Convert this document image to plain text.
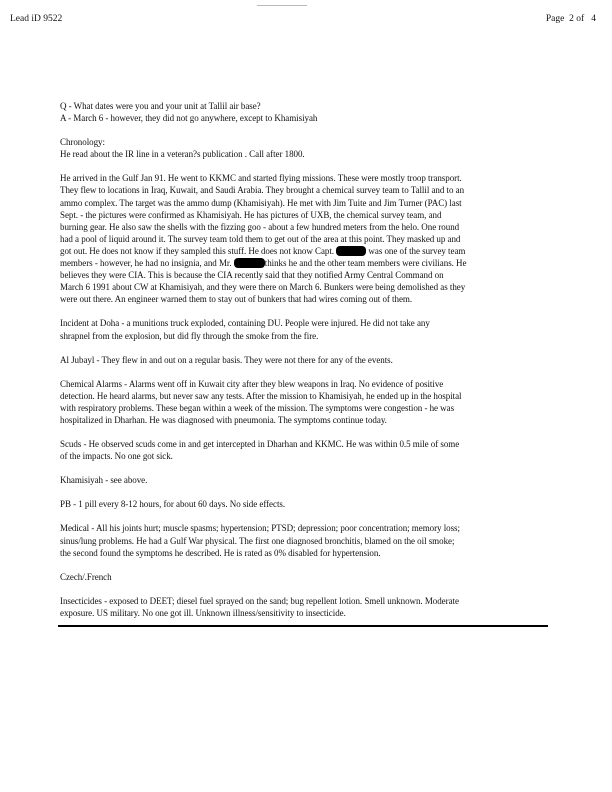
Lead iD 9522	Page  2 of   4
Q - What dates were you and your unit at Tallil air base?
A - March 6 - however, they did not go anywhere, except to Khamisiyah
Chronology:
He read about the IR line in a veteran?s publication . Call after 1800.
He arrived in the Gulf Jan 91. He went to KKMC and started flying missions. These were mostly troop transport.
They flew to locations in Iraq, Kuwait, and Saudi Arabia. They brought a chemical survey team to Tallil and to an
ammo complex. The target was the ammo dump (Khamisiyah). He met with Jim Tuite and Jim Turner (PAC) last
Sept. - the pictures were confirmed as Khamisiyah. He has pictures of UXB, the chemical survey team, and
burning gear. He also saw the shells with the fizzing goo - about a few hundred meters from the helo. One round
had a pool of liquid around it. The survey team told them to get out of the area at this point. They masked up and
got out. He does not know if they sampled this stuff. He does not know Capt.	was one of the survey team
members - however, he had no insignia, and Mr.	thinks he and the other team members were civilians. He
believes they were CIA. This is because the CIA recently said that they notified Army Central Command on
March 6 1991 about CW at Khamisiyah, and they were there on March 6. Bunkers were being demolished as they
were out there. An engineer warned them to stay out of bunkers that had wires coming out of them.
Incident at Doha - a munitions truck exploded, containing DU. People were injured. He did not take any
shrapnel from the explosion, but did fly through the smoke from the fire.
Al Jubayl - They flew in and out on a regular basis. They were not there for any of the events.
Chemical Alarms - Alarms went off in Kuwait city after they blew weapons in Iraq. No evidence of positive
detection. He heard alarms, but never saw any tests. After the mission to Khamisiyah, he ended up in the hospital
with respiratory problems. These began within a week of the mission. The symptoms were congestion - he was
hospitalized in Dharhan. He was diagnosed with pneumonia. The symptoms continue today.
Scuds - He observed scuds come in and get intercepted in Dharhan and KKMC. He was within 0.5 mile of some
of the impacts. No one got sick.
Khamisiyah - see above.
PB - 1 pill every 8-12 hours, for about 60 days. No side effects.
Medical - All his joints hurt; muscle spasms; hypertension; PTSD; depression; poor concentration; memory loss;
sinus/lung problems. He had a Gulf War physical. The first one diagnosed bronchitis, blamed on the oil smoke;
the second found the symptoms he described. He is rated as 0% disabled for hypertension.
Czech/.French
Insecticides - exposed to DEET; diesel fuel sprayed on the sand; bug repellent lotion. Smell unknown. Moderate
exposure. US military. No one got ill. Unknown illness/sensitivity to insecticide.
